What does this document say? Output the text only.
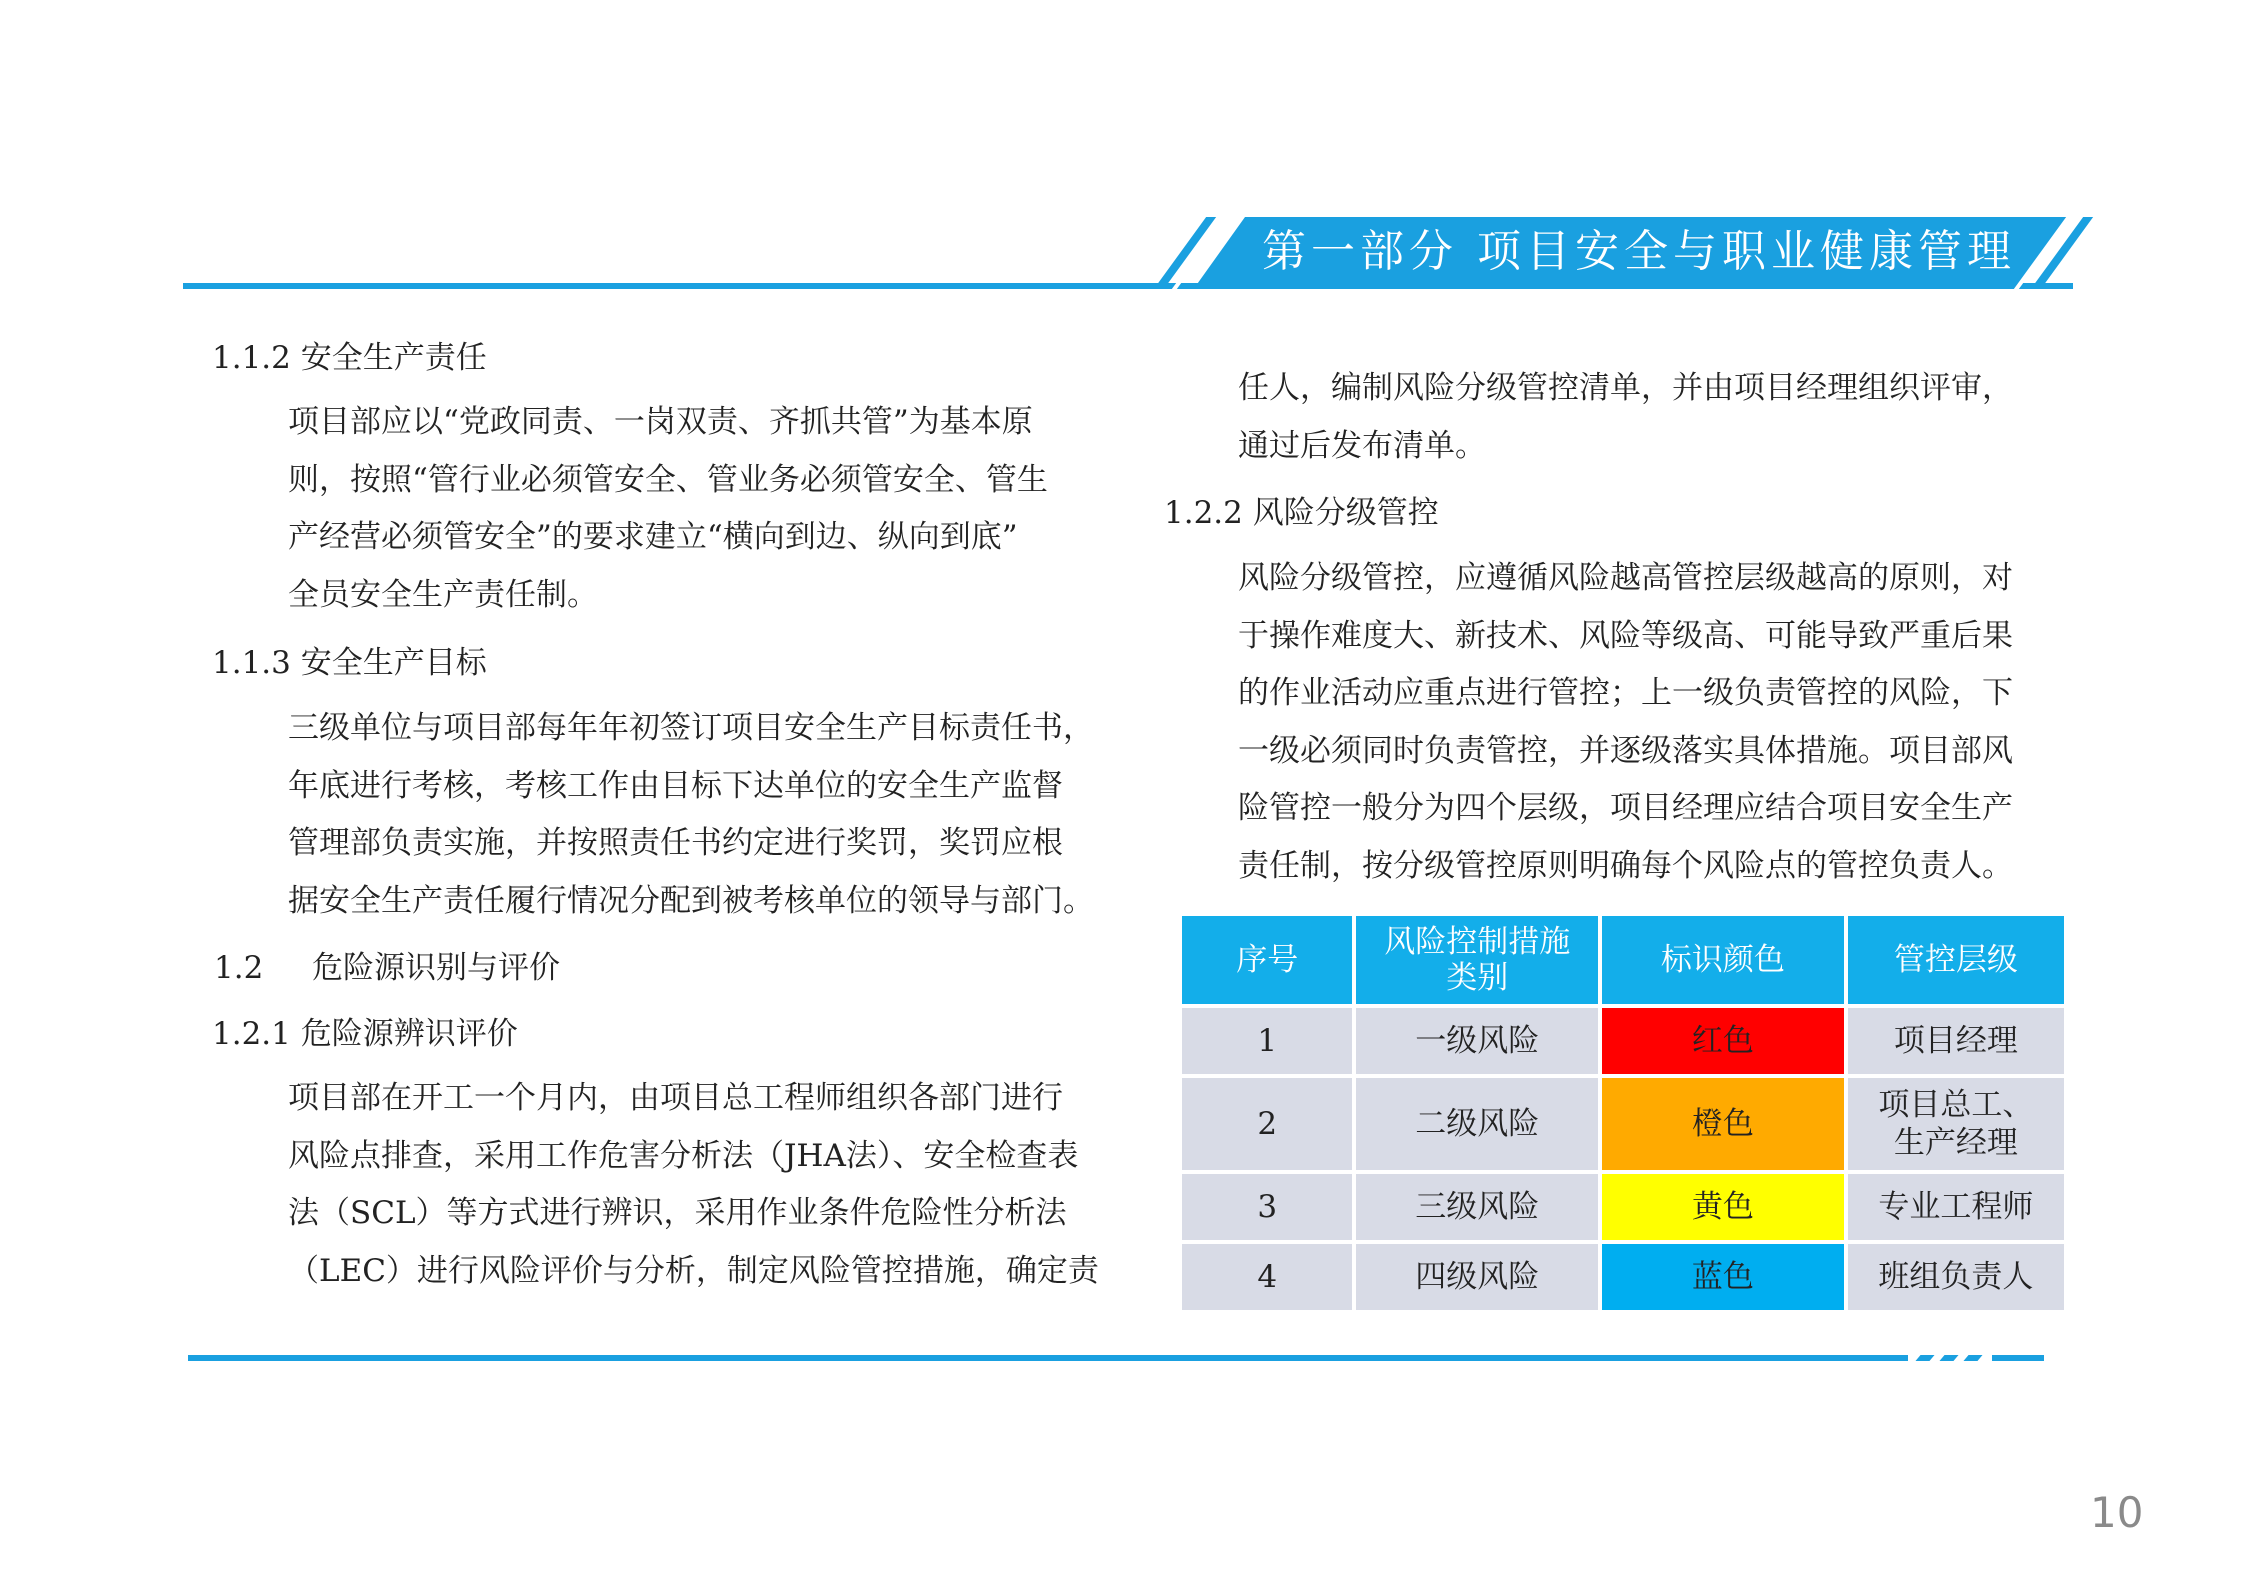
第一部分 项目安全与职业健康管理

1.1.2 安全生产责任

项目部应以“党政同责、一岗双责、齐抓共管”为基本原
则，按照“管行业必须管安全、管业务必须管安全、管生
产经营必须管安全”的要求建立“横向到边、纵向到底”
全员安全生产责任制。

1.1.3 安全生产目标

三级单位与项目部每年年初签订项目安全生产目标责任书，
年底进行考核，考核工作由目标下达单位的安全生产监督
管理部负责实施，并按照责任书约定进行奖罚，奖罚应根
据安全生产责任履行情况分配到被考核单位的领导与部门。

1.2 危险源识别与评价

1.2.1 危险源辨识评价

项目部在开工一个月内，由项目总工程师组织各部门进行
风险点排查，采用工作危害分析法（JHA法）、安全检查表
法（SCL）等方式进行辨识，采用作业条件危险性分析法
（LEC）进行风险评价与分析，制定风险管控措施，确定责
任人，编制风险分级管控清单，并由项目经理组织评审，
通过后发布清单。

1.2.2 风险分级管控

风险分级管控，应遵循风险越高管控层级越高的原则，对
于操作难度大、新技术、风险等级高、可能导致严重后果
的作业活动应重点进行管控；上一级负责管控的风险，下
一级必须同时负责管控，并逐级落实具体措施。项目部风
险管控一般分为四个层级，项目经理应结合项目安全生产
责任制，按分级管控原则明确每个风险点的管控负责人。
序号	风险控制措施
类别	标识颜色	管控层级
1	一级风险	红色	项目经理
2	二级风险	橙色	项目总工、
生产经理

3	三级风险	黄色	专业工程师
4	四级风险	蓝色	班组负责人
10
